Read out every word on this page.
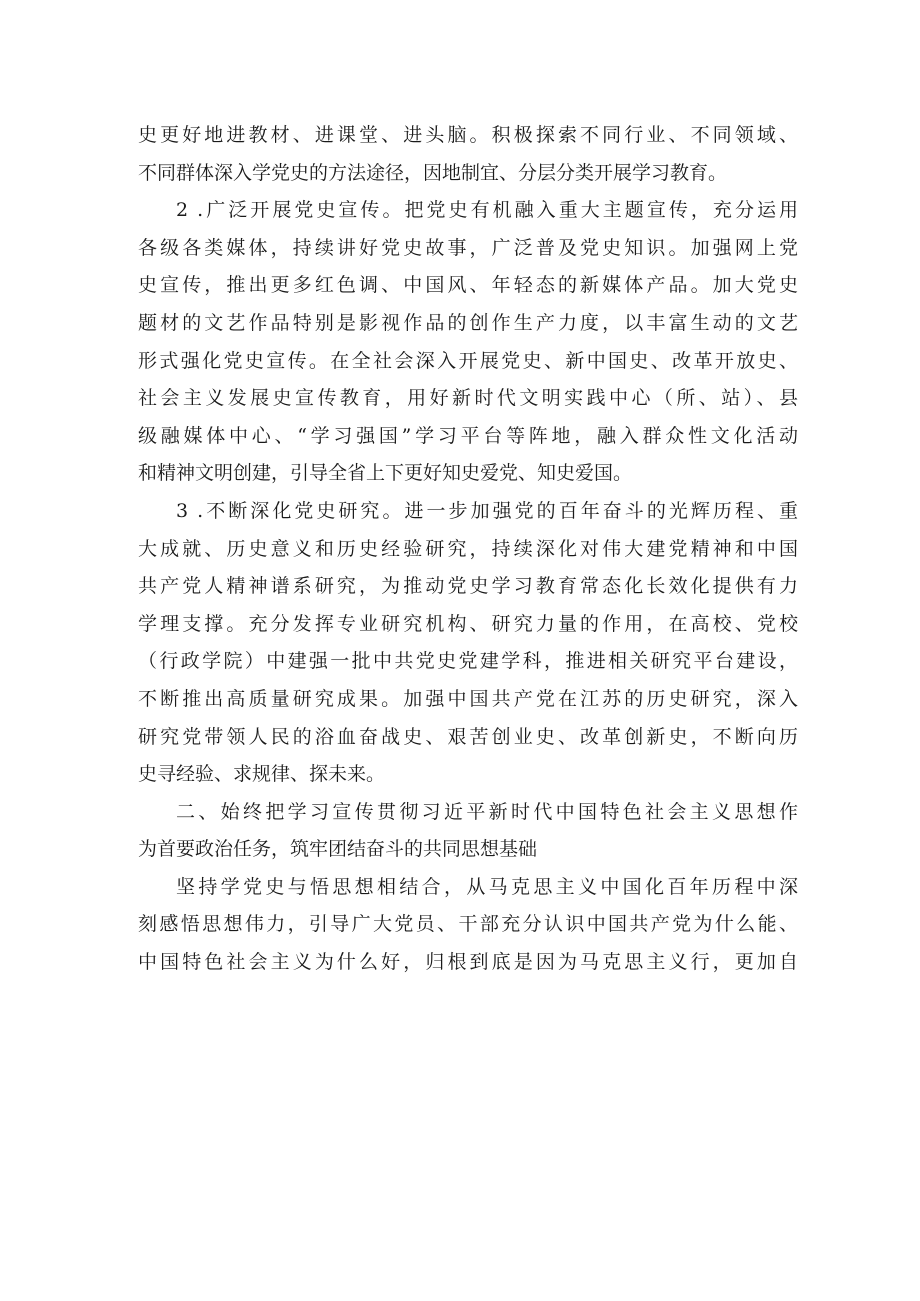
史更好地进教材、进课堂、进头脑。积极探索不同行业、不同领域、
不同群体深入学党史的方法途径，因地制宜、分层分类开展学习教育。
2 .广泛开展党史宣传。把党史有机融入重大主题宣传，充分运用
各级各类媒体，持续讲好党史故事，广泛普及党史知识。加强网上党
史宣传，推出更多红色调、中国风、年轻态的新媒体产品。加大党史
题材的文艺作品特别是影视作品的创作生产力度，以丰富生动的文艺
形式强化党史宣传。在全社会深入开展党史、新中国史、改革开放史、
社会主义发展史宣传教育，用好新时代文明实践中心（所、站）、县
级融媒体中心、“学习强国”学习平台等阵地，融入群众性文化活动
和精神文明创建，引导全省上下更好知史爱党、知史爱国。
3 .不断深化党史研究。进一步加强党的百年奋斗的光辉历程、重
大成就、历史意义和历史经验研究，持续深化对伟大建党精神和中国
共产党人精神谱系研究，为推动党史学习教育常态化长效化提供有力
学理支撑。充分发挥专业研究机构、研究力量的作用，在高校、党校
（行政学院）中建强一批中共党史党建学科，推进相关研究平台建设，
不断推出高质量研究成果。加强中国共产党在江苏的历史研究，深入
研究党带领人民的浴血奋战史、艰苦创业史、改革创新史，不断向历
史寻经验、求规律、探未来。
二、始终把学习宣传贯彻习近平新时代中国特色社会主义思想作
为首要政治任务，筑牢团结奋斗的共同思想基础
坚持学党史与悟思想相结合，从马克思主义中国化百年历程中深
刻感悟思想伟力，引导广大党员、干部充分认识中国共产党为什么能、
中国特色社会主义为什么好，归根到底是因为马克思主义行，更加自
